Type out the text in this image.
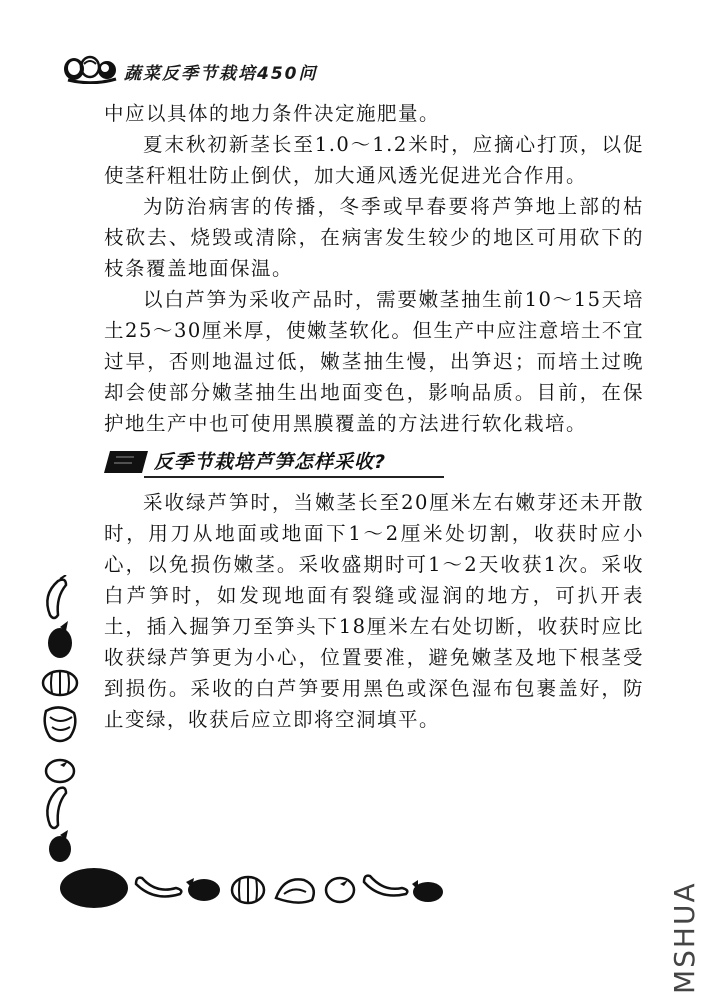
蔬菜反季节栽培450问

中应以具体的地力条件决定施肥量。

夏末秋初新茎长至1.0～1.2米时，应摘心打顶，以促使茎秆粗壮防止倒伏，加大通风透光促进光合作用。

为防治病害的传播，冬季或早春要将芦笋地上部的枯枝砍去、烧毁或清除，在病害发生较少的地区可用砍下的枝条覆盖地面保温。

以白芦笋为采收产品时，需要嫩茎抽生前10～15天培土25～30厘米厚，使嫩茎软化。但生产中应注意培土不宜过早，否则地温过低，嫩茎抽生慢，出笋迟；而培土过晚却会使部分嫩茎抽生出地面变色，影响品质。目前，在保护地生产中也可使用黑膜覆盖的方法进行软化栽培。

反季节栽培芦笋怎样采收?

采收绿芦笋时，当嫩茎长至20厘米左右嫩芽还未开散时，用刀从地面或地面下1～2厘米处切割，收获时应小心，以免损伤嫩茎。采收盛期时可1～2天收获1次。采收白芦笋时，如发现地面有裂缝或湿润的地方，可扒开表土，插入掘笋刀至笋头下18厘米左右处切断，收获时应比收获绿芦笋更为小心，位置要准，避免嫩茎及地下根茎受到损伤。采收的白芦笋要用黑色或深色湿布包裹盖好，防止变绿，收获后应立即将空洞填平。

MSHUA
